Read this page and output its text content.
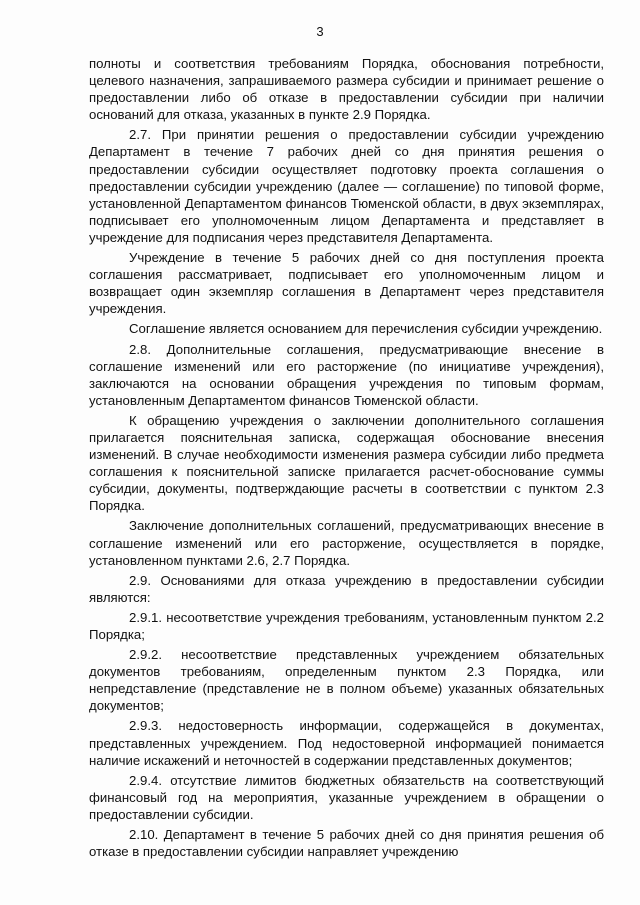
3

полноты и соответствия требованиям Порядка, обоснования потребности, целевого назначения, запрашиваемого размера субсидии и принимает решение о предоставлении либо об отказе в предоставлении субсидии при наличии оснований для отказа, указанных в пункте 2.9 Порядка.

2.7. При принятии решения о предоставлении субсидии учреждению Департамент в течение 7 рабочих дней со дня принятия решения о предоставлении субсидии осуществляет подготовку проекта соглашения о предоставлении субсидии учреждению (далее — соглашение) по типовой форме, установленной Департаментом финансов Тюменской области, в двух экземплярах, подписывает его уполномоченным лицом Департамента и представляет в учреждение для подписания через представителя Департамента.

Учреждение в течение 5 рабочих дней со дня поступления проекта соглашения рассматривает, подписывает его уполномоченным лицом и возвращает один экземпляр соглашения в Департамент через представителя учреждения.

Соглашение является основанием для перечисления субсидии учреждению.

2.8. Дополнительные соглашения, предусматривающие внесение в соглашение изменений или его расторжение (по инициативе учреждения), заключаются на основании обращения учреждения по типовым формам, установленным Департаментом финансов Тюменской области.

К обращению учреждения о заключении дополнительного соглашения прилагается пояснительная записка, содержащая обоснование внесения изменений. В случае необходимости изменения размера субсидии либо предмета соглашения к пояснительной записке прилагается расчет-обоснование суммы субсидии, документы, подтверждающие расчеты в соответствии с пунктом 2.3 Порядка.

Заключение дополнительных соглашений, предусматривающих внесение в соглашение изменений или его расторжение, осуществляется в порядке, установленном пунктами 2.6, 2.7 Порядка.

2.9. Основаниями для отказа учреждению в предоставлении субсидии являются:

2.9.1. несоответствие учреждения требованиям, установленным пунктом 2.2 Порядка;

2.9.2. несоответствие представленных учреждением обязательных документов требованиям, определенным пунктом 2.3 Порядка, или непредставление (представление не в полном объеме) указанных обязательных документов;

2.9.3. недостоверность информации, содержащейся в документах, представленных учреждением. Под недостоверной информацией понимается наличие искажений и неточностей в содержании представленных документов;

2.9.4. отсутствие лимитов бюджетных обязательств на соответствующий финансовый год на мероприятия, указанные учреждением в обращении о предоставлении субсидии.

2.10. Департамент в течение 5 рабочих дней со дня принятия решения об отказе в предоставлении субсидии направляет учреждению
